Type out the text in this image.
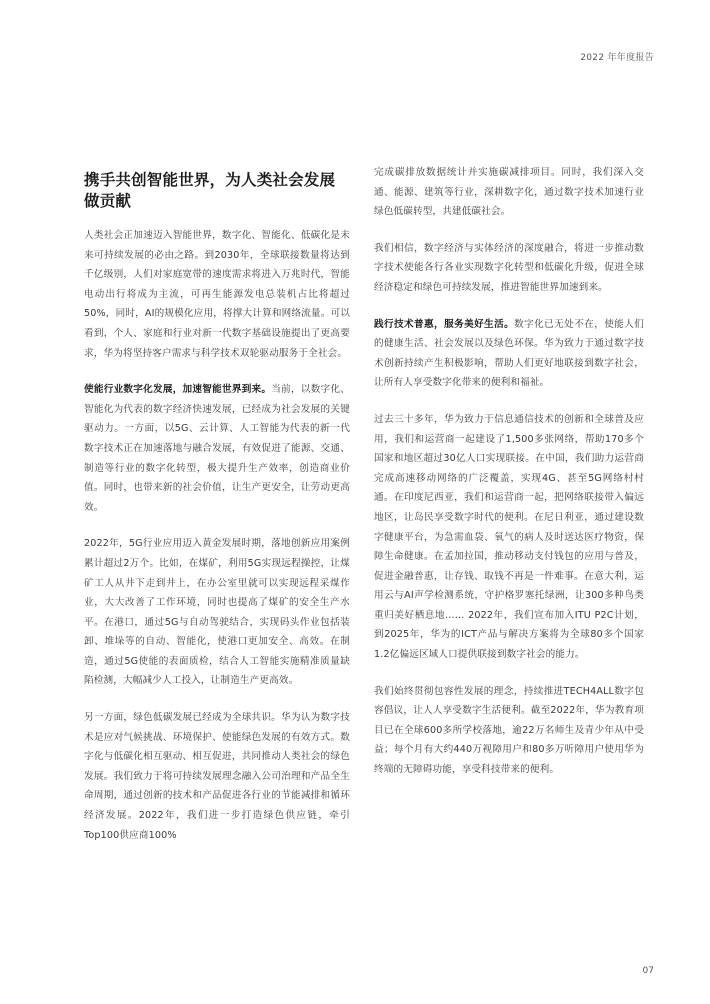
2022 年年度报告
携手共创智能世界，为人类社会发展做贡献

人类社会正加速迈入智能世界，数字化、智能化、低碳化是未来可持续发展的必由之路。到2030年，全球联接数量将达到千亿级别，人们对家庭宽带的速度需求将进入万兆时代，智能电动出行将成为主流，可再生能源发电总装机占比将超过50%，同时，AI的规模化应用，将撑大计算和网络流量。可以看到，个人、家庭和行业对新一代数字基础设施提出了更高要求，华为将坚持客户需求与科学技术双轮驱动服务于全社会。

使能行业数字化发展，加速智能世界到来。当前，以数字化、智能化为代表的数字经济快速发展，已经成为社会发展的关键驱动力。一方面，以5G、云计算、人工智能为代表的新一代数字技术正在加速落地与融合发展，有效促进了能源、交通、制造等行业的数字化转型，极大提升生产效率，创造商业价值。同时，也带来新的社会价值，让生产更安全，让劳动更高效。

2022年，5G行业应用迈入黄金发展时期，落地创新应用案例累计超过2万个。比如，在煤矿，利用5G实现远程操控，让煤矿工人从井下走到井上，在办公室里就可以实现远程采煤作业，大大改善了工作环境，同时也提高了煤矿的安全生产水平。在港口，通过5G与自动驾驶结合，实现码头作业包括装卸、堆垛等的自动、智能化，使港口更加安全、高效。在制造，通过5G使能的表面质检，结合人工智能实施精准质量缺陷检测，大幅减少人工投入，让制造生产更高效。

另一方面，绿色低碳发展已经成为全球共识。华为认为数字技术是应对气候挑战、环境保护、使能绿色发展的有效方式。数字化与低碳化相互驱动、相互促进，共同推动人类社会的绿色发展。我们致力于将可持续发展理念融入公司治理和产品全生命周期，通过创新的技术和产品促进各行业的节能减排和循环经济发展。2022年，我们进一步打造绿色供应链，牵引Top100供应商100%

完成碳排放数据统计并实施碳减排项目。同时，我们深入交通、能源、建筑等行业，深耕数字化，通过数字技术加速行业绿色低碳转型，共建低碳社会。

我们相信，数字经济与实体经济的深度融合，将进一步推动数字技术使能各行各业实现数字化转型和低碳化升级，促进全球经济稳定和绿色可持续发展，推进智能世界加速到来。

践行技术普惠，服务美好生活。数字化已无处不在，使能人们的健康生活、社会发展以及绿色环保。华为致力于通过数字技术创新持续产生积极影响，帮助人们更好地联接到数字社会，让所有人享受数字化带来的便利和福祉。

过去三十多年，华为致力于信息通信技术的创新和全球普及应用，我们和运营商一起建设了1,500多张网络，帮助170多个国家和地区超过30亿人口实现联接。在中国，我们助力运营商完成高速移动网络的广泛覆盖，实现4G、甚至5G网络村村通。在印度尼西亚，我们和运营商一起，把网络联接带入偏远地区，让岛民享受数字时代的便利。在尼日利亚，通过建设数字健康平台，为急需血袋、氧气的病人及时送达医疗物资，保障生命健康。在孟加拉国，推动移动支付钱包的应用与普及，促进金融普惠，让存钱、取钱不再是一件难事。在意大利，运用云与AI声学检测系统，守护格罗塞托绿洲，让300多种鸟类重归美好栖息地…… 2022年，我们宣布加入ITU P2C计划，到2025年，华为的ICT产品与解决方案将为全球80多个国家1.2亿偏远区域人口提供联接到数字社会的能力。

我们始终贯彻包容性发展的理念，持续推进TECH4ALL数字包容倡议，让人人享受数字生活便利。截至2022年，华为教育项目已在全球600多所学校落地，逾22万名师生及青少年从中受益；每个月有大约440万视障用户和80多万听障用户使用华为终端的无障碍功能，享受科技带来的便利。

07
